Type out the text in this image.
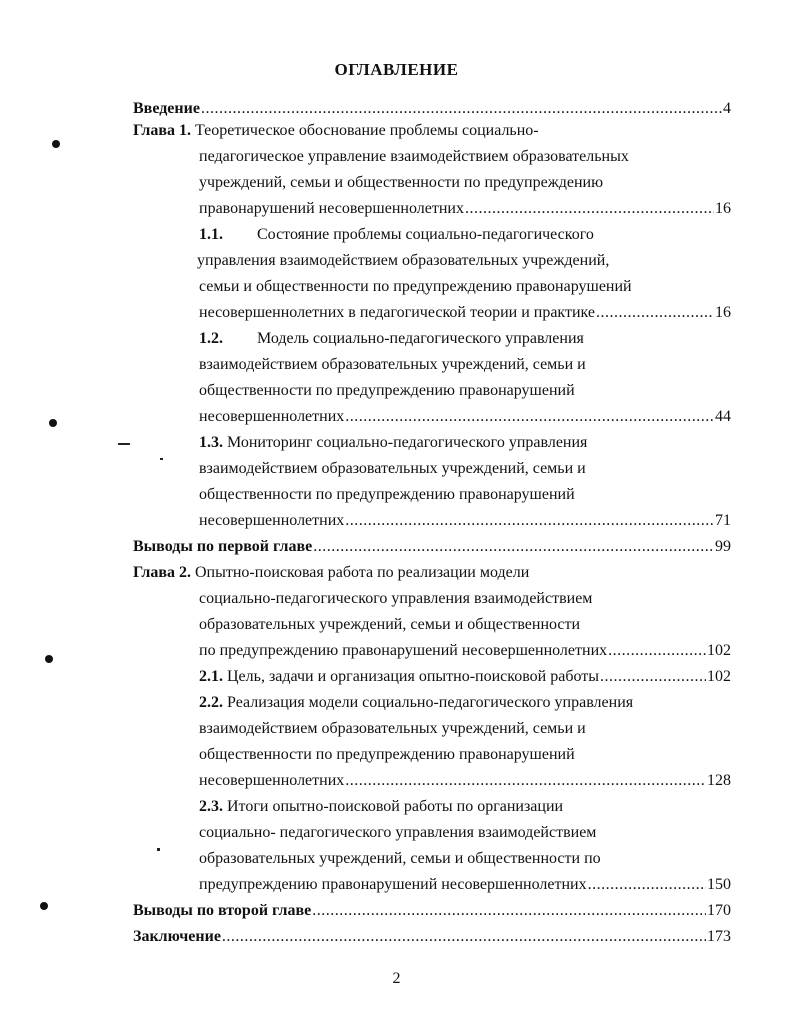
ОГЛАВЛЕНИЕ
Введение .....	4
Глава 1.
Теоретическое обоснование проблемы социально-
педагогическое управление взаимодействием образовательных
учреждений, семьи и общественности по предупреждению
правонарушений несовершеннолетних .....	16
1.1. Состояние проблемы социально-педагогического
управления взаимодействием образовательных учреждений,
семьи и общественности по предупреждению правонарушений
несовершеннолетних в педагогической теории и практике .....	16
1.2. Модель социально-педагогического управления
взаимодействием образовательных учреждений, семьи и
общественности по предупреждению правонарушений
несовершеннолетних .....	44
1.3.
Мониторинг социально-педагогического управления
взаимодействием образовательных учреждений, семьи и
общественности по предупреждению правонарушений
несовершеннолетних .....	71
Выводы по первой главе .....	99
Глава 2.
Опытно-поисковая работа по реализации модели
социально-педагогического управления взаимодействием
образовательных учреждений, семьи и общественности
по предупреждению правонарушений несовершеннолетних .....	102
2.1.
Цель, задачи и организация опытно-поисковой работы .....	102
2.2.
Реализация модели социально-педагогического управления
взаимодействием образовательных учреждений, семьи и
общественности по предупреждению правонарушений
несовершеннолетних .....	128
2.3.
Итоги опытно-поисковой работы по организации
социально- педагогического управления взаимодействием
образовательных учреждений, семьи и общественности по
предупреждению правонарушений несовершеннолетних .....	150
Выводы по второй главе .....	170
Заключение .....	173
2
